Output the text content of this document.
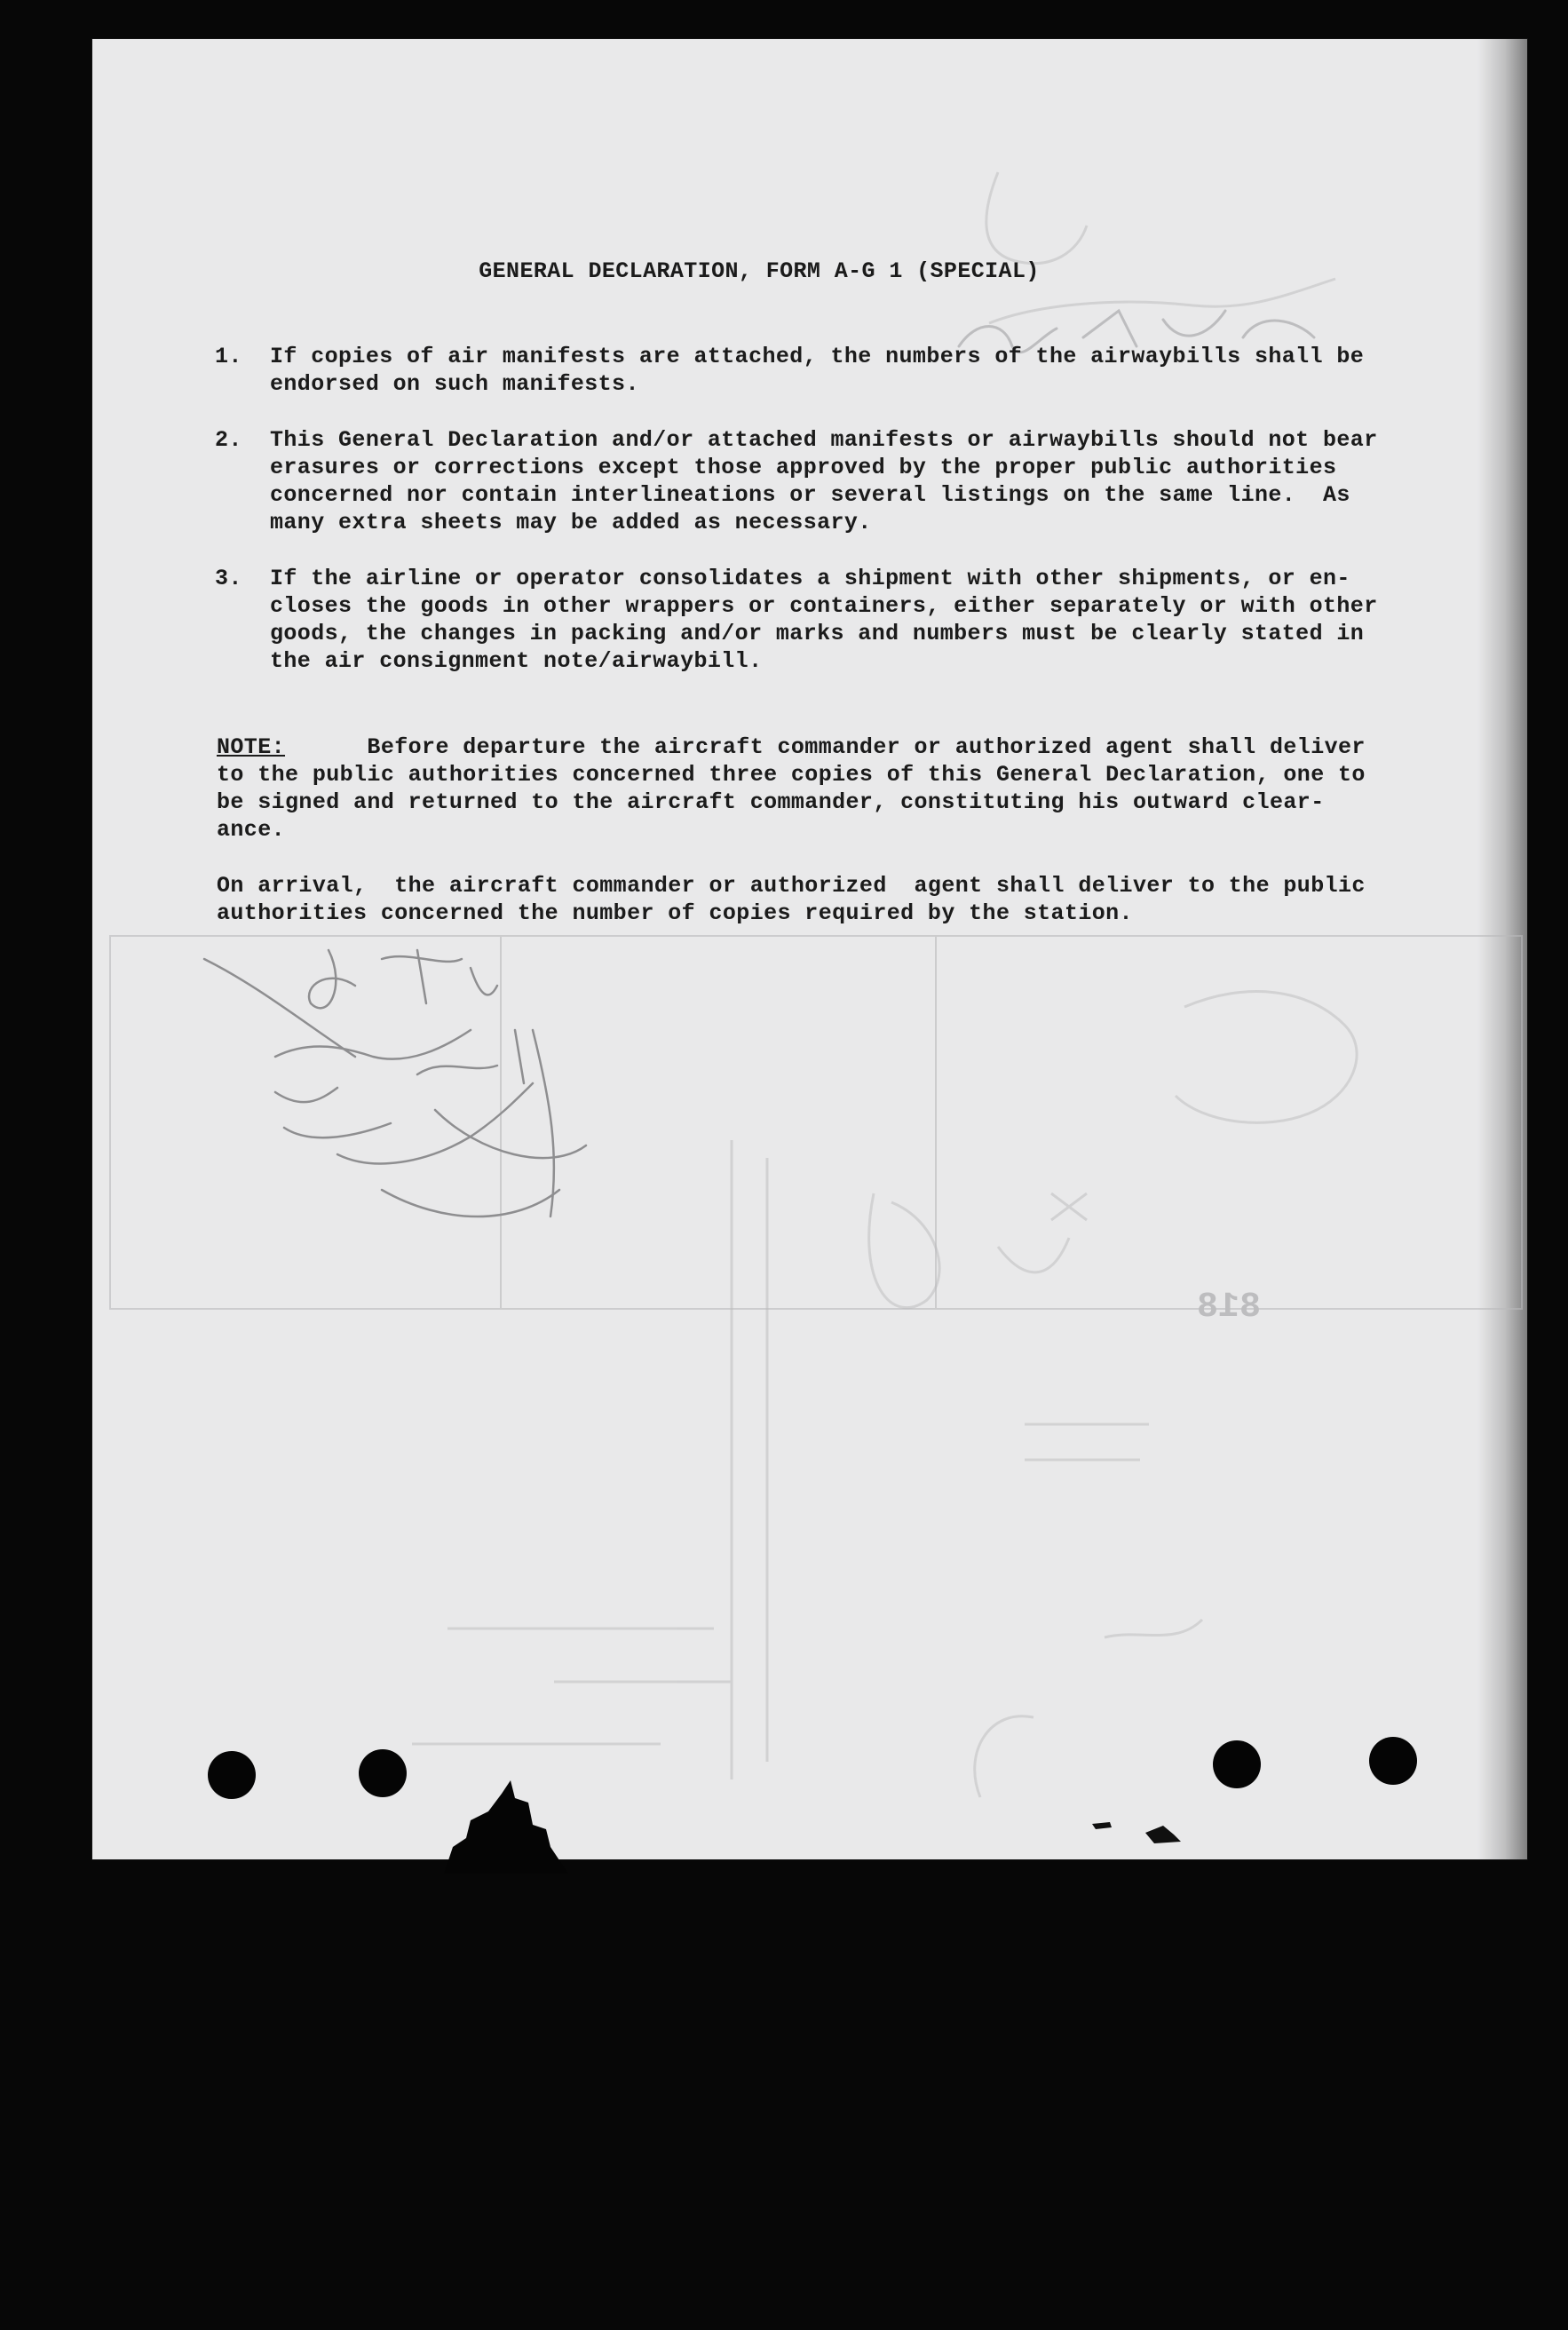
818
GENERAL DECLARATION, FORM A-G 1 (SPECIAL)
1.	If copies of air manifests are attached, the numbers of the airwaybills shall be
endorsed on such manifests.
2.	This General Declaration and/or attached manifests or airwaybills should not bear
erasures or corrections except those approved by the proper public authorities
concerned nor contain interlineations or several listings on the same line.  As
many extra sheets may be added as necessary.
3.	If the airline or operator consolidates a shipment with other shipments, or en-
closes the goods in other wrappers or containers, either separately or with other
goods, the changes in packing and/or marks and numbers must be clearly stated in
the air consignment note/airwaybill.
NOTE:      Before departure the aircraft commander or authorized agent shall deliver
to the public authorities concerned three copies of this General Declaration, one to
be signed and returned to the aircraft commander, constituting his outward clear-
ance.
On arrival,  the aircraft commander or authorized  agent shall deliver to the public
authorities concerned the number of copies required by the station.
